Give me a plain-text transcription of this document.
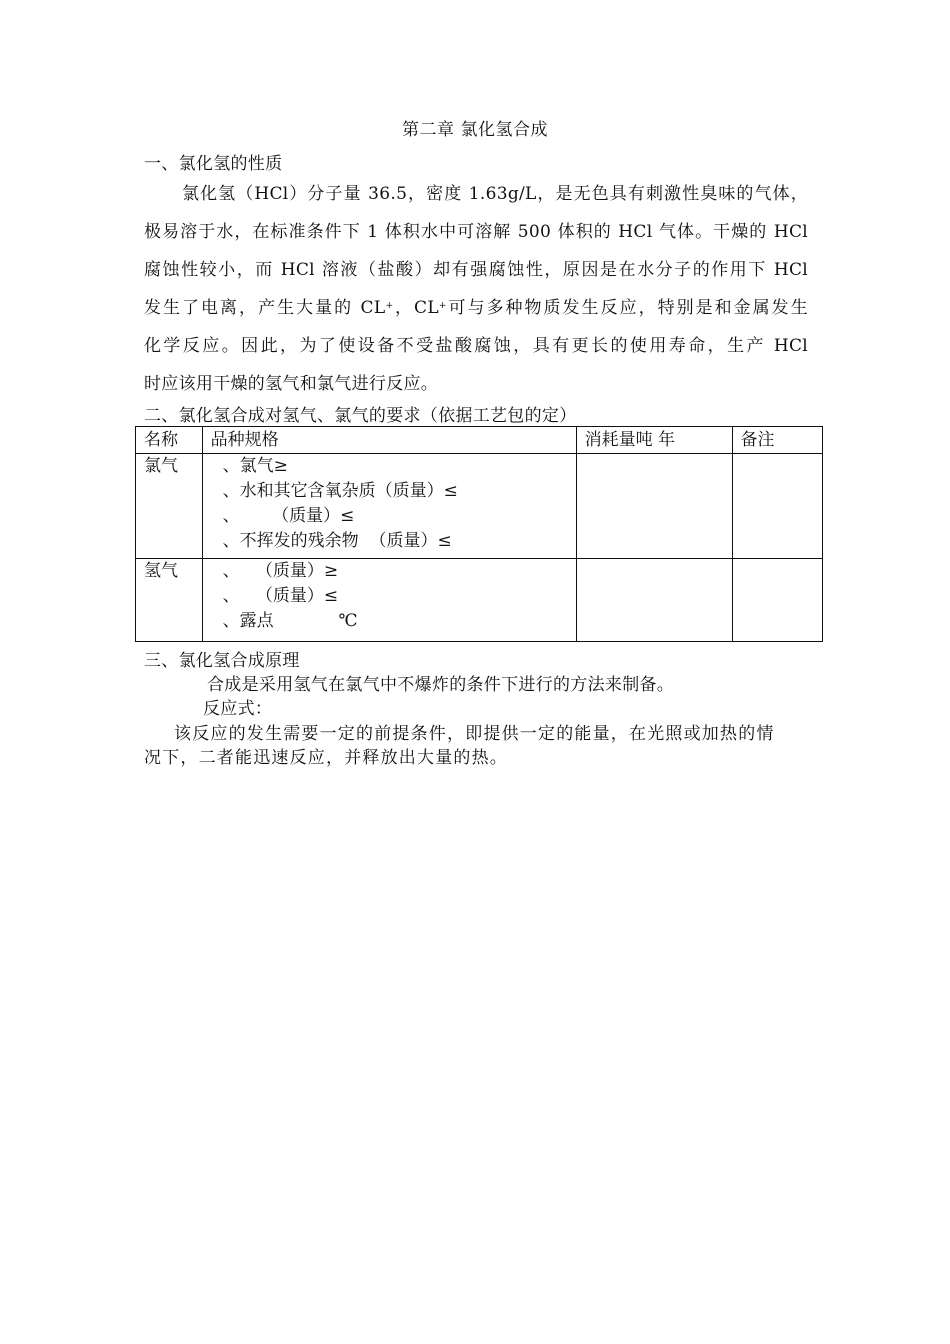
第二章 氯化氢合成
一、氯化氢的性质
氯化氢（HCl）分子量 36.5，密度 1.63g/L，是无色具有刺激性臭味的气体，
极易溶于水，在标准条件下 1 体积水中可溶解 500 体积的 HCl 气体。干燥的 HCl
腐蚀性较小，而 HCl 溶液（盐酸）却有强腐蚀性，原因是在水分子的作用下 HCl
发生了电离，产生大量的 CL+，CL+可与多种物质发生反应，特别是和金属发生
化学反应。因此，为了使设备不受盐酸腐蚀，具有更长的使用寿命，生产 HCl
时应该用干燥的氢气和氯气进行反应。
二、氯化氢合成对氢气、氯气的要求（依据工艺包的定）
名称	品种规格	消耗量吨 年	备注
氯气	、氯气≥
、水和其它含氧杂质（质量）≤
、      （质量）≤
、不挥发的残余物  （质量）≤		

氢气	、   （质量）≥
、   （质量）≤
、露点            ℃		

三、氯化氢合成原理
合成是采用氢气在氯气中不爆炸的条件下进行的方法来制备。
反应式：
该反应的发生需要一定的前提条件，即提供一定的能量，在光照或加热的情
况下，二者能迅速反应，并释放出大量的热。
